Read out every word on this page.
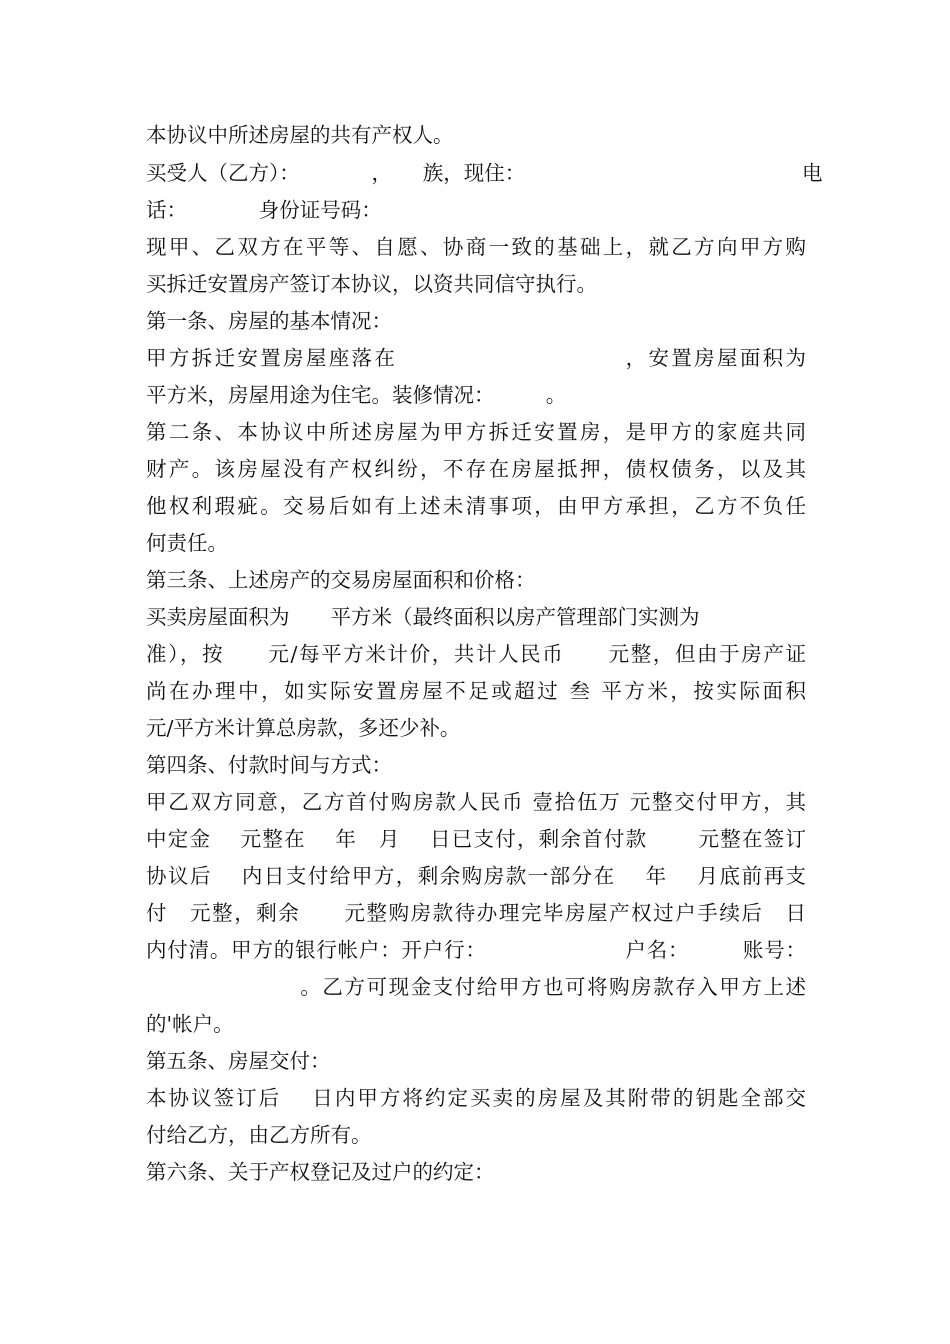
本协议中所述房屋的共有产权人。
买受人（乙方）：　　　　，　　族，现住：　　　　　　　　　　　　　　电
话：　　　　身份证号码：
现甲、乙双方在平等、自愿、协商一致的基础上，就乙方向甲方购
买拆迁安置房产签订本协议，以资共同信守执行。
第一条、房屋的基本情况：
甲方拆迁安置房屋座落在　　　　　　　　　　，安置房屋面积为
平方米，房屋用途为住宅。装修情况：　　　。
第二条、本协议中所述房屋为甲方拆迁安置房，是甲方的家庭共同
财产。该房屋没有产权纠纷，不存在房屋抵押，债权债务，以及其
他权利瑕疵。交易后如有上述未清事项，由甲方承担，乙方不负任
何责任。
第三条、上述房产的交易房屋面积和价格：
买卖房屋面积为　　平方米（最终面积以房产管理部门实测为
准），按　　元/每平方米计价，共计人民币　　元整，但由于房产证
尚在办理中，如实际安置房屋不足或超过 叁 平方米，按实际面积
元/平方米计算总房款，多还少补。
第四条、付款时间与方式：
甲乙双方同意，乙方首付购房款人民币 壹拾伍万 元整交付甲方，其
中定金　 元整在　 年　月　 日已支付，剩余首付款　　 元整在签订
协议后　 内日支付给甲方，剩余购房款一部分在　 年　 月底前再支
付　元整，剩余　　元整购房款待办理完毕房屋产权过户手续后　日
内付清。甲方的银行帐户：开户行：　　　　　　　户名：　　　账号：
　　　　　　　。乙方可现金支付给甲方也可将购房款存入甲方上述
的'帐户。
第五条、房屋交付：
本协议签订后　 日内甲方将约定买卖的房屋及其附带的钥匙全部交
付给乙方，由乙方所有。
第六条、关于产权登记及过户的约定：
